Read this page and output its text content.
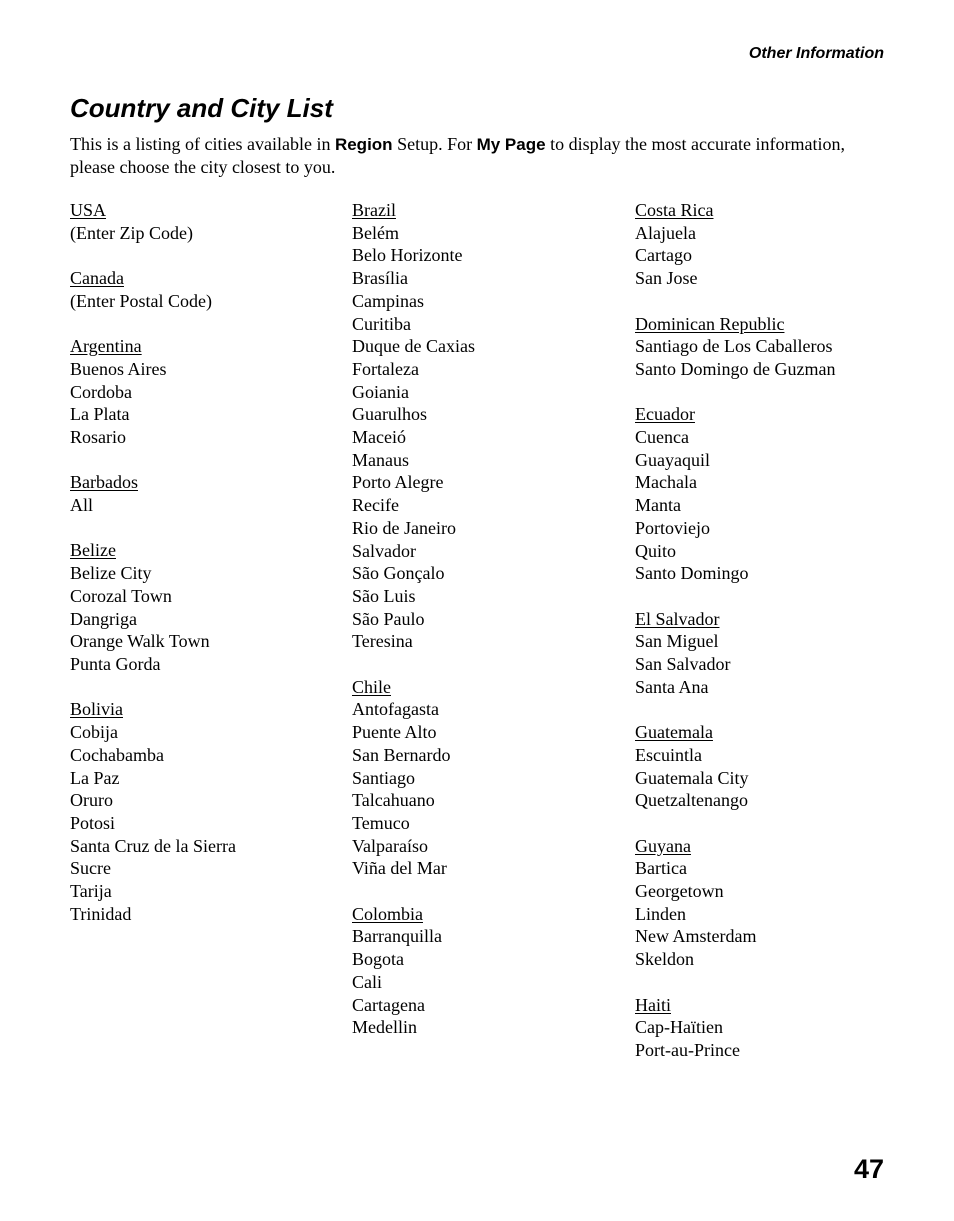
Other Information
Country and City List

This is a listing of cities available in Region Setup. For My Page to display the most accurate information, please choose the city closest to you.

USA
(Enter Zip Code)
Canada
(Enter Postal Code)
Argentina
Buenos Aires
Cordoba
La Plata
Rosario
Barbados
All
Belize
Belize City
Corozal Town
Dangriga
Orange Walk Town
Punta Gorda
Bolivia
Cobija
Cochabamba
La Paz
Oruro
Potosi
Santa Cruz de la Sierra
Sucre
Tarija
Trinidad
Brazil
Belém
Belo Horizonte
Brasília
Campinas
Curitiba
Duque de Caxias
Fortaleza
Goiania
Guarulhos
Maceió
Manaus
Porto Alegre
Recife
Rio de Janeiro
Salvador
São Gonçalo
São Luis
São Paulo
Teresina
Chile
Antofagasta
Puente Alto
San Bernardo
Santiago
Talcahuano
Temuco
Valparaíso
Viña del Mar
Colombia
Barranquilla
Bogota
Cali
Cartagena
Medellin
Costa Rica
Alajuela
Cartago
San Jose
Dominican Republic
Santiago de Los Caballeros
Santo Domingo de Guzman
Ecuador
Cuenca
Guayaquil
Machala
Manta
Portoviejo
Quito
Santo Domingo
El Salvador
San Miguel
San Salvador
Santa Ana
Guatemala
Escuintla
Guatemala City
Quetzaltenango
Guyana
Bartica
Georgetown
Linden
New Amsterdam
Skeldon
Haiti
Cap-Haïtien
Port-au-Prince
47
